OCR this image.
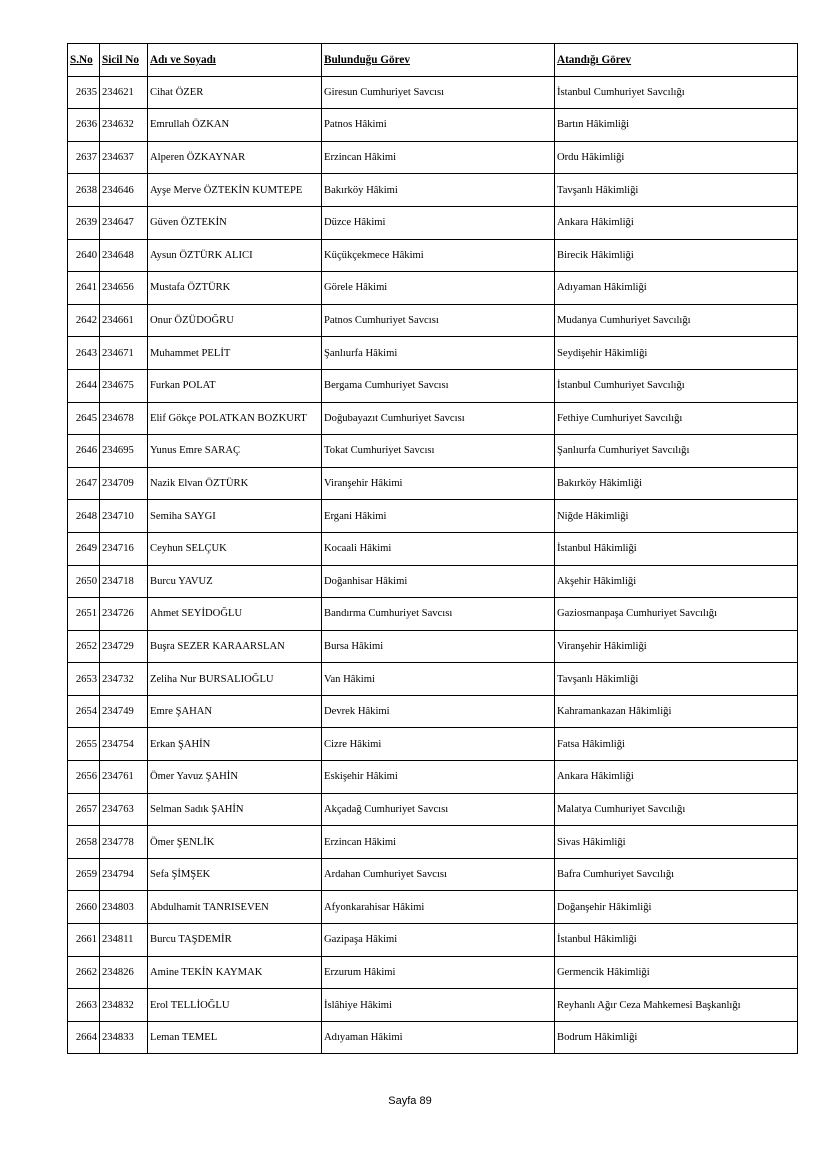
S.No	Sicil No	Adı ve Soyadı	Bulunduğu Görev	Atandığı Görev
2635	234621	Cihat ÖZER	Giresun Cumhuriyet Savcısı	İstanbul Cumhuriyet Savcılığı
2636	234632	Emrullah ÖZKAN	Patnos Hâkimi	Bartın Hâkimliği
2637	234637	Alperen ÖZKAYNAR	Erzincan Hâkimi	Ordu Hâkimliği
2638	234646	Ayşe Merve ÖZTEKİN KUMTEPE	Bakırköy Hâkimi	Tavşanlı Hâkimliği
2639	234647	Güven ÖZTEKİN	Düzce Hâkimi	Ankara Hâkimliği
2640	234648	Aysun ÖZTÜRK ALICI	Küçükçekmece Hâkimi	Birecik Hâkimliği
2641	234656	Mustafa ÖZTÜRK	Görele Hâkimi	Adıyaman Hâkimliği
2642	234661	Onur ÖZÜDOĞRU	Patnos Cumhuriyet Savcısı	Mudanya Cumhuriyet Savcılığı
2643	234671	Muhammet PELİT	Şanlıurfa Hâkimi	Seydişehir Hâkimliği
2644	234675	Furkan POLAT	Bergama Cumhuriyet Savcısı	İstanbul Cumhuriyet Savcılığı
2645	234678	Elif Gökçe POLATKAN BOZKURT	Doğubayazıt Cumhuriyet Savcısı	Fethiye Cumhuriyet Savcılığı
2646	234695	Yunus Emre SARAÇ	Tokat Cumhuriyet Savcısı	Şanlıurfa Cumhuriyet Savcılığı
2647	234709	Nazik Elvan ÖZTÜRK	Viranşehir Hâkimi	Bakırköy Hâkimliği
2648	234710	Semiha SAYGI	Ergani Hâkimi	Niğde Hâkimliği
2649	234716	Ceyhun SELÇUK	Kocaali Hâkimi	İstanbul Hâkimliği
2650	234718	Burcu YAVUZ	Doğanhisar Hâkimi	Akşehir Hâkimliği
2651	234726	Ahmet SEYİDOĞLU	Bandırma Cumhuriyet Savcısı	Gaziosmanpaşa Cumhuriyet Savcılığı
2652	234729	Buşra SEZER KARAARSLAN	Bursa Hâkimi	Viranşehir Hâkimliği
2653	234732	Zeliha Nur BURSALIOĞLU	Van Hâkimi	Tavşanlı Hâkimliği
2654	234749	Emre ŞAHAN	Devrek Hâkimi	Kahramankazan Hâkimliği
2655	234754	Erkan ŞAHİN	Cizre Hâkimi	Fatsa Hâkimliği
2656	234761	Ömer Yavuz ŞAHİN	Eskişehir Hâkimi	Ankara Hâkimliği
2657	234763	Selman Sadık ŞAHİN	Akçadağ Cumhuriyet Savcısı	Malatya Cumhuriyet Savcılığı
2658	234778	Ömer ŞENLİK	Erzincan Hâkimi	Sivas Hâkimliği
2659	234794	Sefa ŞİMŞEK	Ardahan Cumhuriyet Savcısı	Bafra Cumhuriyet Savcılığı
2660	234803	Abdulhamit TANRISEVEN	Afyonkarahisar Hâkimi	Doğanşehir Hâkimliği
2661	234811	Burcu TAŞDEMİR	Gazipaşa Hâkimi	İstanbul Hâkimliği
2662	234826	Amine TEKİN KAYMAK	Erzurum Hâkimi	Germencik Hâkimliği
2663	234832	Erol TELLİOĞLU	İslâhiye Hâkimi	Reyhanlı Ağır Ceza Mahkemesi Başkanlığı
2664	234833	Leman TEMEL	Adıyaman Hâkimi	Bodrum Hâkimliği
Sayfa 89
